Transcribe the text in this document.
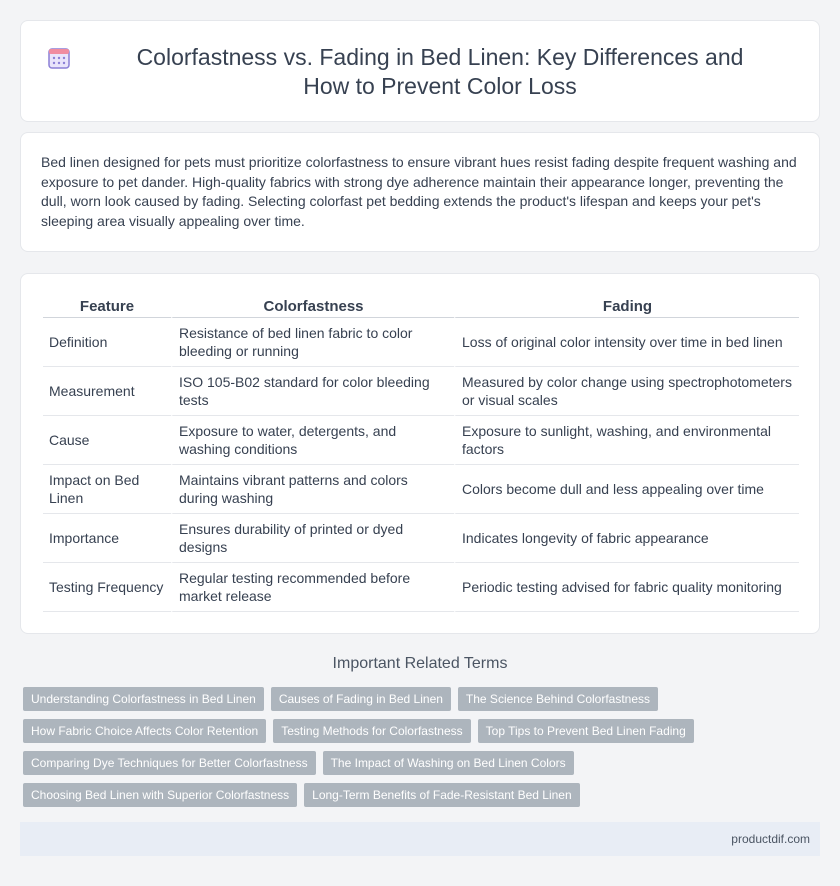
Colorfastness vs. Fading in Bed Linen: Key Differences and How to Prevent Color Loss

Bed linen designed for pets must prioritize colorfastness to ensure vibrant hues resist fading despite frequent washing and exposure to pet dander. High-quality fabrics with strong dye adherence maintain their appearance longer, preventing the dull, worn look caused by fading. Selecting colorfast pet bedding extends the product's lifespan and keeps your pet's sleeping area visually appealing over time.

Feature	Colorfastness	Fading
Definition	Resistance of bed linen fabric to color bleeding or running	Loss of original color intensity over time in bed linen
Measurement	ISO 105-B02 standard for color bleeding tests	Measured by color change using spectrophotometers or visual scales
Cause	Exposure to water, detergents, and washing conditions	Exposure to sunlight, washing, and environmental factors
Impact on Bed Linen	Maintains vibrant patterns and colors during washing	Colors become dull and less appealing over time
Importance	Ensures durability of printed or dyed designs	Indicates longevity of fabric appearance
Testing Frequency	Regular testing recommended before market release	Periodic testing advised for fabric quality monitoring
Important Related Terms
Understanding Colorfastness in Bed Linen	Causes of Fading in Bed Linen	The Science Behind Colorfastness
How Fabric Choice Affects Color Retention	Testing Methods for Colorfastness	Top Tips to Prevent Bed Linen Fading
Comparing Dye Techniques for Better Colorfastness	The Impact of Washing on Bed Linen Colors
Choosing Bed Linen with Superior Colorfastness	Long-Term Benefits of Fade-Resistant Bed Linen
productdif.com
